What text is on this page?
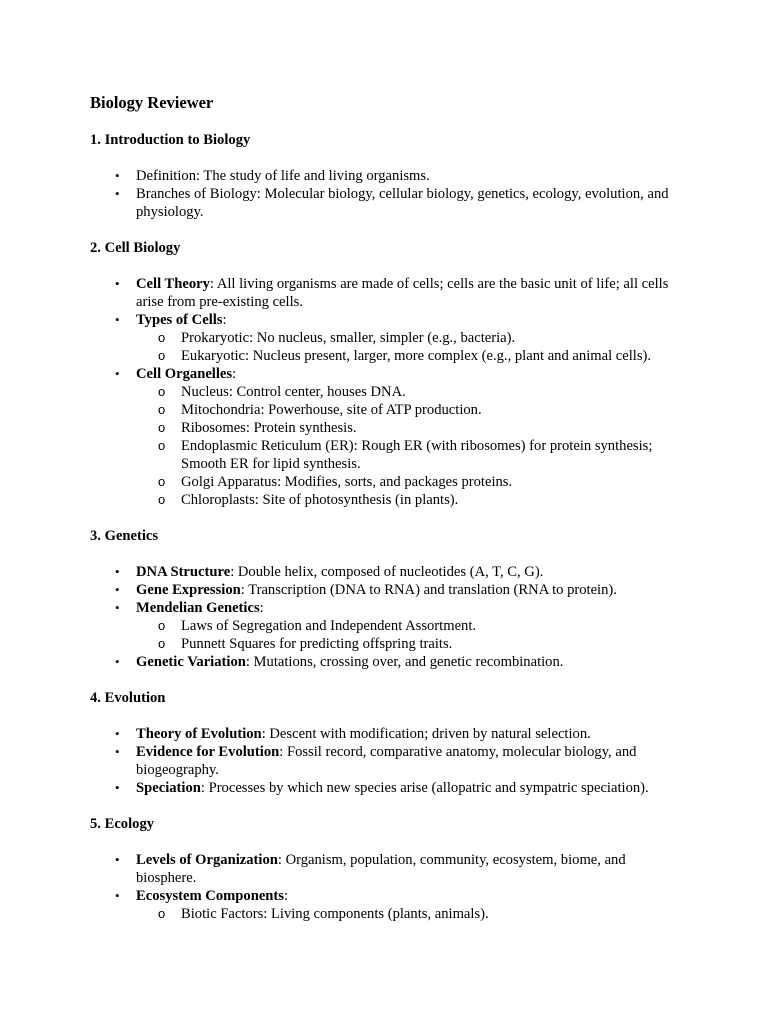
Biology Reviewer
1. Introduction to Biology
• Definition: The study of life and living organisms.
• Branches of Biology: Molecular biology, cellular biology, genetics, ecology, evolution, and physiology.
2. Cell Biology
• Cell Theory: All living organisms are made of cells; cells are the basic unit of life; all cells arise from pre-existing cells.
• Types of Cells:
o Prokaryotic: No nucleus, smaller, simpler (e.g., bacteria).
o Eukaryotic: Nucleus present, larger, more complex (e.g., plant and animal cells).
• Cell Organelles:
o Nucleus: Control center, houses DNA.
o Mitochondria: Powerhouse, site of ATP production.
o Ribosomes: Protein synthesis.
o Endoplasmic Reticulum (ER): Rough ER (with ribosomes) for protein synthesis; Smooth ER for lipid synthesis.
o Golgi Apparatus: Modifies, sorts, and packages proteins.
o Chloroplasts: Site of photosynthesis (in plants).
3. Genetics
• DNA Structure: Double helix, composed of nucleotides (A, T, C, G).
• Gene Expression: Transcription (DNA to RNA) and translation (RNA to protein).
• Mendelian Genetics:
o Laws of Segregation and Independent Assortment.
o Punnett Squares for predicting offspring traits.
• Genetic Variation: Mutations, crossing over, and genetic recombination.
4. Evolution
• Theory of Evolution: Descent with modification; driven by natural selection.
• Evidence for Evolution: Fossil record, comparative anatomy, molecular biology, and biogeography.
• Speciation: Processes by which new species arise (allopatric and sympatric speciation).
5. Ecology
• Levels of Organization: Organism, population, community, ecosystem, biome, and biosphere.
• Ecosystem Components:
o Biotic Factors: Living components (plants, animals).
